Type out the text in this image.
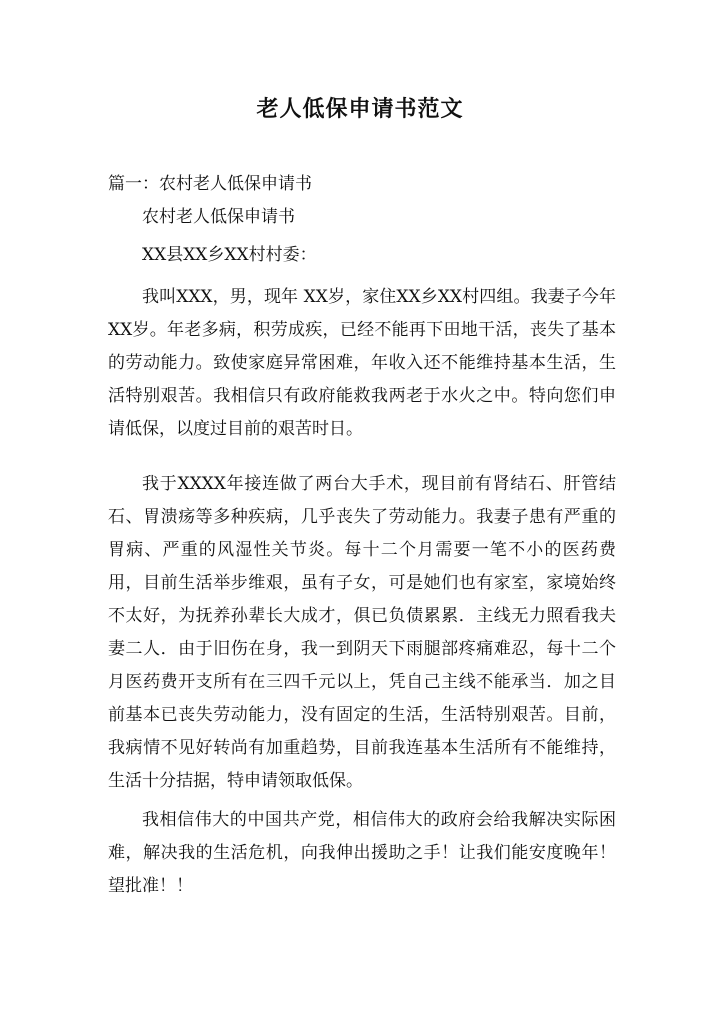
老人低保申请书范文

篇一：农村老人低保申请书

农村老人低保申请书

XX县XX乡XX村村委：

我叫XXX，男，现年 XX岁，家住XX乡XX村四组。我妻子今年XX岁。年老多病，积劳成疾，已经不能再下田地干活，丧失了基本的劳动能力。致使家庭异常困难，年收入还不能维持基本生活，生活特别艰苦。我相信只有政府能救我两老于水火之中。特向您们申请低保，以度过目前的艰苦时日。

我于XXXX年接连做了两台大手术，现目前有肾结石、肝管结石、胃溃疡等多种疾病，几乎丧失了劳动能力。我妻子患有严重的胃病、严重的风湿性关节炎。每十二个月需要一笔不小的医药费用，目前生活举步维艰，虽有子女，可是她们也有家室，家境始终不太好，为抚养孙辈长大成才，俱已负债累累．主线无力照看我夫妻二人．由于旧伤在身，我一到阴天下雨腿部疼痛难忍，每十二个月医药费开支所有在三四千元以上，凭自己主线不能承当．加之目前基本已丧失劳动能力，没有固定的生活，生活特别艰苦。目前，我病情不见好转尚有加重趋势，目前我连基本生活所有不能维持，生活十分拮据，特申请领取低保。

我相信伟大的中国共产党，相信伟大的政府会给我解决实际困难，解决我的生活危机，向我伸出援助之手！让我们能安度晚年！望批准！！
